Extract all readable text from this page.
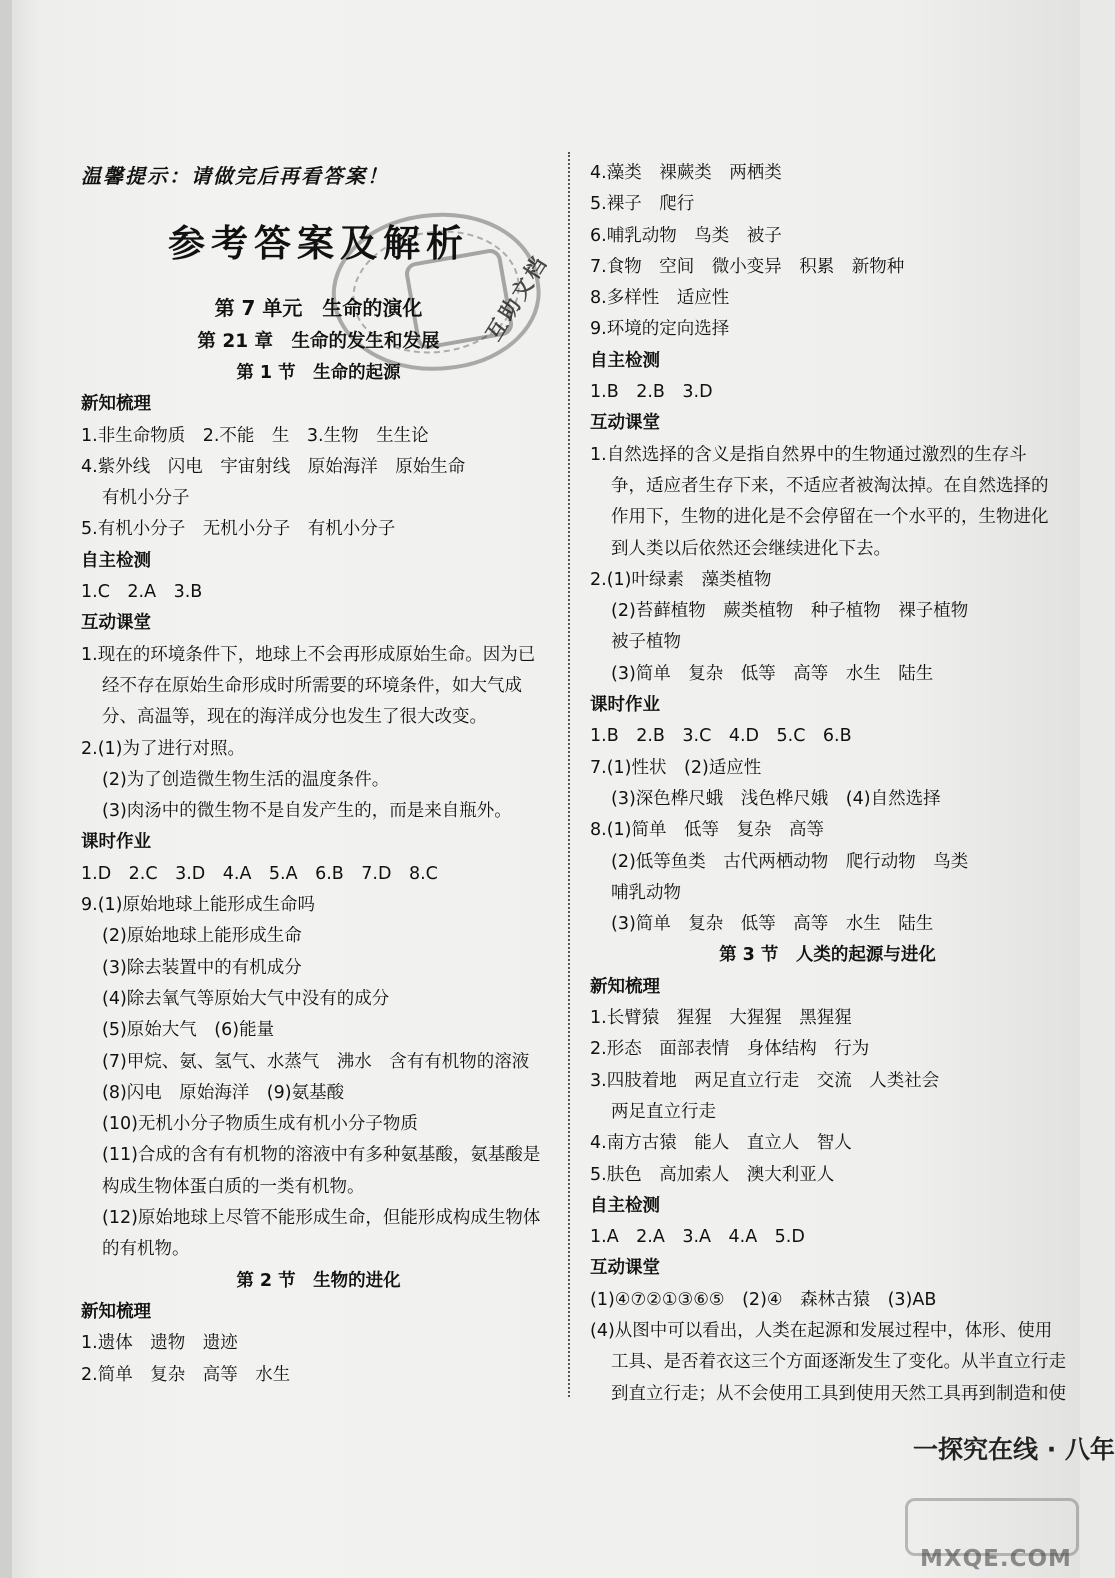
互助文档
温馨提示：请做完后再看答案！
参考答案及解析
第 7 单元　生命的演化
第 21 章　生命的发生和发展
第 1 节　生命的起源
新知梳理
1.非生命物质　2.不能　生　3.生物　生生论
4.紫外线　闪电　宇宙射线　原始海洋　原始生命
有机小分子
5.有机小分子　无机小分子　有机小分子
自主检测
1.C　2.A　3.B
互动课堂
1.现在的环境条件下，地球上不会再形成原始生命。因为已
经不存在原始生命形成时所需要的环境条件，如大气成
分、高温等，现在的海洋成分也发生了很大改变。
2.(1)为了进行对照。
(2)为了创造微生物生活的温度条件。
(3)肉汤中的微生物不是自发产生的，而是来自瓶外。
课时作业
1.D　2.C　3.D　4.A　5.A　6.B　7.D　8.C
9.(1)原始地球上能形成生命吗
(2)原始地球上能形成生命
(3)除去装置中的有机成分
(4)除去氧气等原始大气中没有的成分
(5)原始大气　(6)能量
(7)甲烷、氨、氢气、水蒸气　沸水　含有有机物的溶液
(8)闪电　原始海洋　(9)氨基酸
(10)无机小分子物质生成有机小分子物质
(11)合成的含有有机物的溶液中有多种氨基酸，氨基酸是
构成生物体蛋白质的一类有机物。
(12)原始地球上尽管不能形成生命，但能形成构成生物体
的有机物。
第 2 节　生物的进化
新知梳理
1.遗体　遗物　遗迹
2.简单　复杂　高等　水生
4.藻类　裸蕨类　两栖类
5.裸子　爬行
6.哺乳动物　鸟类　被子
7.食物　空间　微小变异　积累　新物种
8.多样性　适应性
9.环境的定向选择
自主检测
1.B　2.B　3.D
互动课堂
1.自然选择的含义是指自然界中的生物通过激烈的生存斗
争，适应者生存下来，不适应者被淘汰掉。在自然选择的
作用下，生物的进化是不会停留在一个水平的，生物进化
到人类以后依然还会继续进化下去。
2.(1)叶绿素　藻类植物
(2)苔藓植物　蕨类植物　种子植物　裸子植物
被子植物
(3)简单　复杂　低等　高等　水生　陆生
课时作业
1.B　2.B　3.C　4.D　5.C　6.B
7.(1)性状　(2)适应性
(3)深色桦尺蛾　浅色桦尺娥　(4)自然选择
8.(1)简单　低等　复杂　高等
(2)低等鱼类　古代两栖动物　爬行动物　鸟类
哺乳动物
(3)简单　复杂　低等　高等　水生　陆生
第 3 节　人类的起源与进化
新知梳理
1.长臂猿　猩猩　大猩猩　黑猩猩
2.形态　面部表情　身体结构　行为
3.四肢着地　两足直立行走　交流　人类社会
两足直立行走
4.南方古猿　能人　直立人　智人
5.肤色　高加索人　澳大利亚人
自主检测
1.A　2.A　3.A　4.A　5.D
互动课堂
(1)④⑦②①③⑥⑤　(2)④　森林古猿　(3)AB
(4)从图中可以看出，人类在起源和发展过程中，体形、使用
工具、是否着衣这三个方面逐渐发生了变化。从半直立行走
到直立行走；从不会使用工具到使用天然工具再到制造和使
一探究在线 · 八年
MXQE.COM
